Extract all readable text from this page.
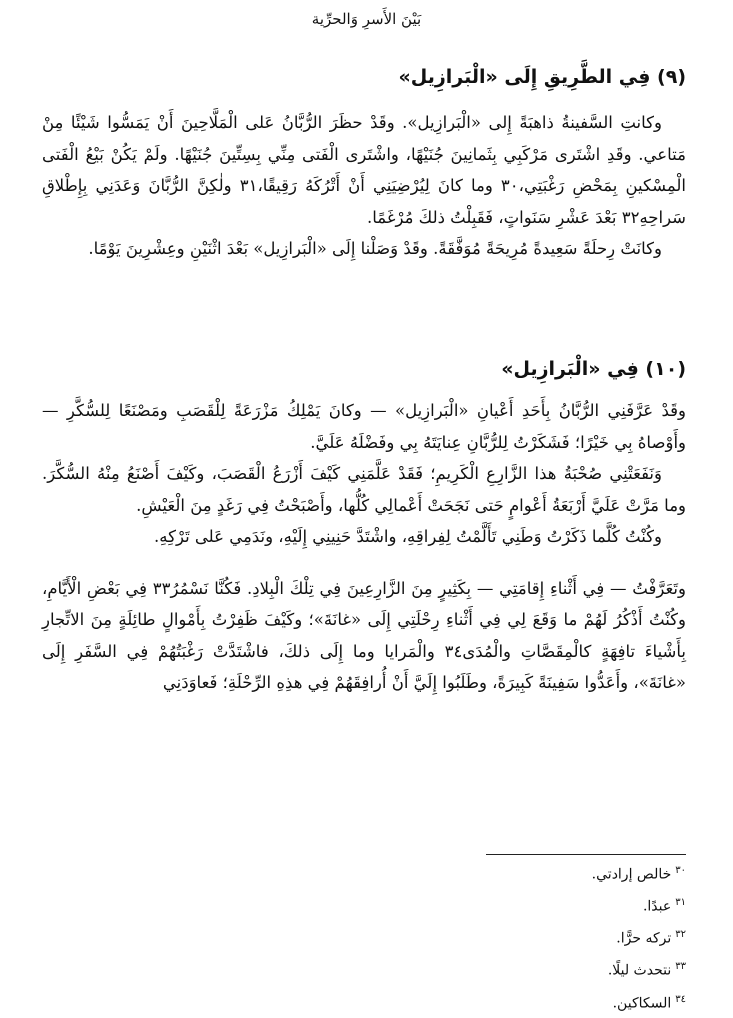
بَيْنَ الأَسرِ وَالحرِّية
(٩) فِي الطَّرِيقِ إِلَى «الْبَرازِيل»

وكانتِ السَّفينةُ ذاهبَةً إِلى «الْبَرازِيل». وقَدْ حظَرَ الرُّبَّانُ عَلى الْمَلَّاحِينَ أَنْ يَمَسُّوا شَيْئًا مِنْ مَتاعي. وقَدِ اشْتَرى مَرْكَبِي بِثَمانِينَ جُنَيْهًا، واشْتَرى الْفَتى مِنِّي بِسِتِّينَ جُنَيْهًا. ولَمْ يَكُنْ بَيْعُ الْفَتى الْمِسْكينِ بِمَحْضِ رَغْبَتِي،٣٠ وما كانَ لِيُرْضِيَنِي أَنْ أَتْرُكَهُ رَقِيقًا،٣١ ولٰكِنَّ الرُّبَّانَ وَعَدَنِي بِإِطْلاقِ سَراحِهِ٣٢ بَعْدَ عَشْرِ سَنَواتٍ، فَقَبِلْتُ ذلكَ مُرْغَمًا.

وكانَتْ رِحلَةً سَعِيدةً مُرِيحَةً مُوَفَّقَةً. وقَدْ وَصَلْنا إِلَى «الْبَرازِيل» بَعْدَ اثْنَيْنِ وعِشْرِينَ يَوْمًا.

(١٠) فِي «الْبَرازِيل»

وقَدْ عَرَّفَنِي الرُّبَّانُ بِأَحَدِ أَعْيانِ «الْبَرازِيل» — وكانَ يَمْلِكُ مَزْرَعَةً لِلْقَصَبِ ومَصْنَعًا لِلسُّكَّرِ — وأَوْصاهُ بِي خَيْرًا؛ فَشَكَرْتُ لِلرُّبَّانِ عِنايَتَهُ بِي وفَضْلَهُ عَلَيَّ.

وَنَفَعَتْنِي صُحْبَةُ هذا الزَّارِعِ الْكَرِيمِ؛ فَقَدْ عَلَّمَنِي كَيْفَ أَزْرَعُ الْقَصَبَ، وكَيْفَ أَصْنَعُ مِنْهُ السُّكَّرَ. وما مَرَّتْ عَلَيَّ أَرْبَعَةُ أَعْوامٍ حَتى نَجَحَتْ أَعْمالِي كُلُّها، وأَصْبَحْتُ فِي رَغَدٍ مِنَ الْعَيْشِ.

وكُنْتُ كُلَّما ذَكَرْتُ وَطَنِي تَأَلَّمْتُ لِفِراقِهِ، واشْتَدَّ حَنِينِي إِلَيْهِ، ونَدَمِي عَلى تَرْكِهِ.

وتَعَرَّفْتُ — فِي أَثْناءِ إِقامَتِي — بِكَثِيرٍ مِنَ الزَّارِعِينَ فِي تِلْكَ الْبِلادِ. فَكُنَّا نَسْمُرُ٣٣ فِي بَعْضِ الْأَيَّامِ، وكُنْتُ أَذْكُرُ لَهُمْ ما وَقَعَ لِي فِي أَثْناءِ رِحْلَتِي إِلَى «غانَةَ»؛ وكَيْفَ ظَفِرْتُ بِأَمْوالٍ طائِلَةٍ مِنَ الاتِّجارِ بِأَشْياءَ تافِهَةٍ كالْمِقَصَّاتِ والْمُدَى٣٤ والْمَرايا وما إِلَى ذلكَ، فاشْتَدَّتْ رَغْبَتُهُمْ فِي السَّفَرِ إِلَى «غانَةَ»، وأَعَدُّوا سَفِينَةً كَبِيرَةً، وطَلَبُوا إِلَيَّ أَنْ أُرافِقَهُمْ فِي هذِهِ الرِّحْلَةِ؛ فَعاوَدَنِي

$^{٣٠}$خالص إرادتي.
$^{٣١}$عبدًا.
$^{٣٢}$تركه حرًّا.
$^{٣٣}$نتحدث ليلًا.
$^{٣٤}$السكاكين.
